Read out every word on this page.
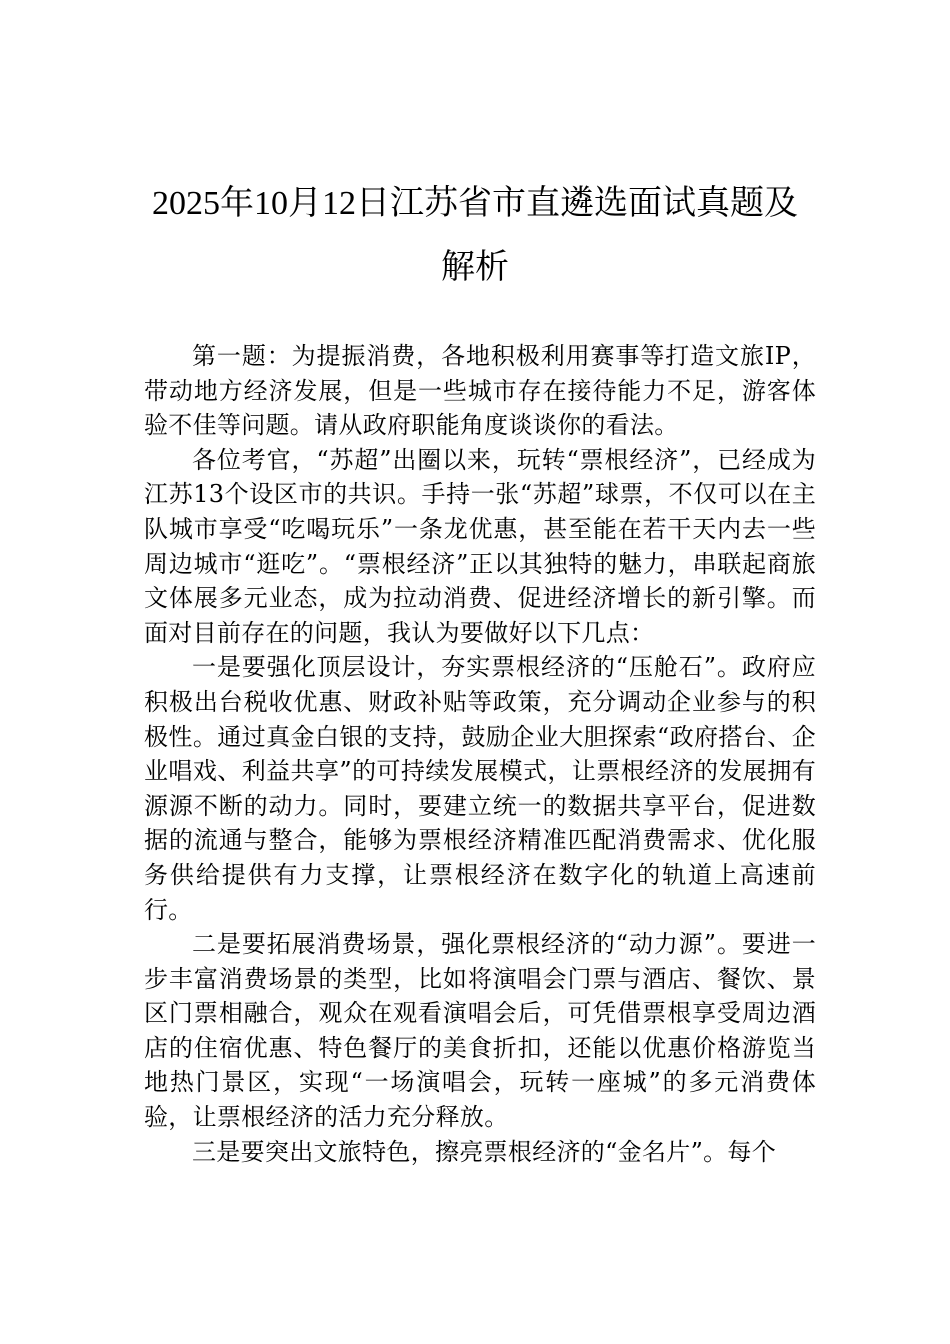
2025年10月12日江苏省市直遴选面试真题及解析

第一题：为提振消费，各地积极利用赛事等打造文旅IP，带动地方经济发展，但是一些城市存在接待能力不足，游客体验不佳等问题。请从政府职能角度谈谈你的看法。

各位考官，“苏超”出圈以来，玩转“票根经济”，已经成为江苏13个设区市的共识。手持一张“苏超”球票，不仅可以在主队城市享受“吃喝玩乐”一条龙优惠，甚至能在若干天内去一些周边城市“逛吃”。“票根经济”正以其独特的魅力，串联起商旅文体展多元业态，成为拉动消费、促进经济增长的新引擎。而面对目前存在的问题，我认为要做好以下几点：

一是要强化顶层设计，夯实票根经济的“压舱石”。政府应积极出台税收优惠、财政补贴等政策，充分调动企业参与的积极性。通过真金白银的支持，鼓励企业大胆探索“政府搭台、企业唱戏、利益共享”的可持续发展模式，让票根经济的发展拥有源源不断的动力。同时，要建立统一的数据共享平台，促进数据的流通与整合，能够为票根经济精准匹配消费需求、优化服务供给提供有力支撑，让票根经济在数字化的轨道上高速前行。

二是要拓展消费场景，强化票根经济的“动力源”。要进一步丰富消费场景的类型，比如将演唱会门票与酒店、餐饮、景区门票相融合，观众在观看演唱会后，可凭借票根享受周边酒店的住宿优惠、特色餐厅的美食折扣，还能以优惠价格游览当地热门景区，实现“一场演唱会，玩转一座城”的多元消费体验，让票根经济的活力充分释放。

三是要突出文旅特色，擦亮票根经济的“金名片”。每个
